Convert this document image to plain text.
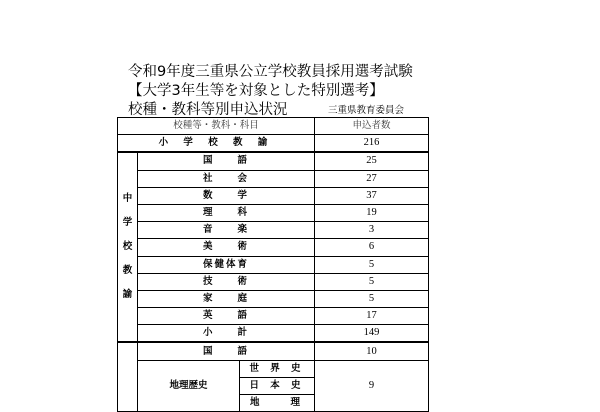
令和9年度三重県公立学校教員採用選考試験
【大学3年生等を対象とした特別選考】
校種・教科等別申込状況	三重県教育委員会
校種等・教科・科目			申込者数
小 学 校 教 諭			216

中
学
校
教
諭	国　　語		25
	社　　会		27
	数　　学		37
	理　　科		19
	音　　楽		3
	美　　術		6
	保健体育		5
	技　　術		5
	家　　庭		5
	英　　語		17
	小　　計		149
	国　　語		10
	地理歴史	世 界 史	9
		日 本 史	
		地　　理	
